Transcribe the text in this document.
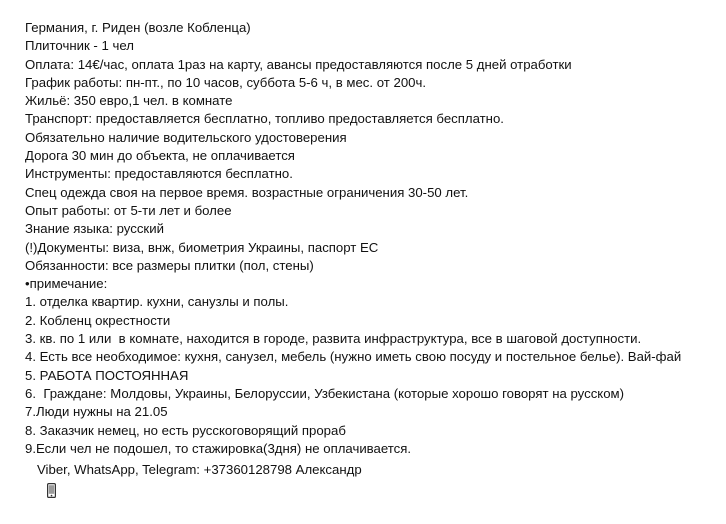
Германия, г. Риден (возле Кобленца)
Плиточник - 1 чел
Оплата: 14€/час, оплата 1раз на карту, авансы предоставляются после 5 дней отработки
График работы: пн-пт., по 10 часов, суббота 5-6 ч, в мес. от 200ч.
Жильё: 350 евро,1 чел. в комнате
Транспорт: предоставляется бесплатно, топливо предоставляется бесплатно.
Обязательно наличие водительского удостоверения
Дорога 30 мин до объекта, не оплачивается
Инструменты: предоставляются бесплатно.
Спец одежда своя на первое время. возрастные ограничения 30-50 лет.
Опыт работы: от 5-ти лет и более
Знание языка: русский
(!)Документы: виза, внж, биометрия Украины, паспорт ЕС
Обязанности: все размеры плитки (пол, стены)
•примечание:
1. отделка квартир. кухни, санузлы и полы.
2. Кобленц окрестности
3. кв. по 1 или  в комнате, находится в городе, развита инфраструктура, все в шаговой доступности.
4. Есть все необходимое: кухня, санузел, мебель (нужно иметь свою посуду и постельное белье). Вай-фай
5. РАБОТА ПОСТОЯННАЯ
6.  Граждане: Молдовы, Украины, Белоруссии, Узбекистана (которые хорошо говорят на русском)
7.Люди нужны на 21.05
8. Заказчик немец, но есть русскоговорящий прораб
9.Если чел не подошел, то стажировка(3дня) не оплачивается.

Viber, WhatsApp, Telegram: +37360128798 Александр
